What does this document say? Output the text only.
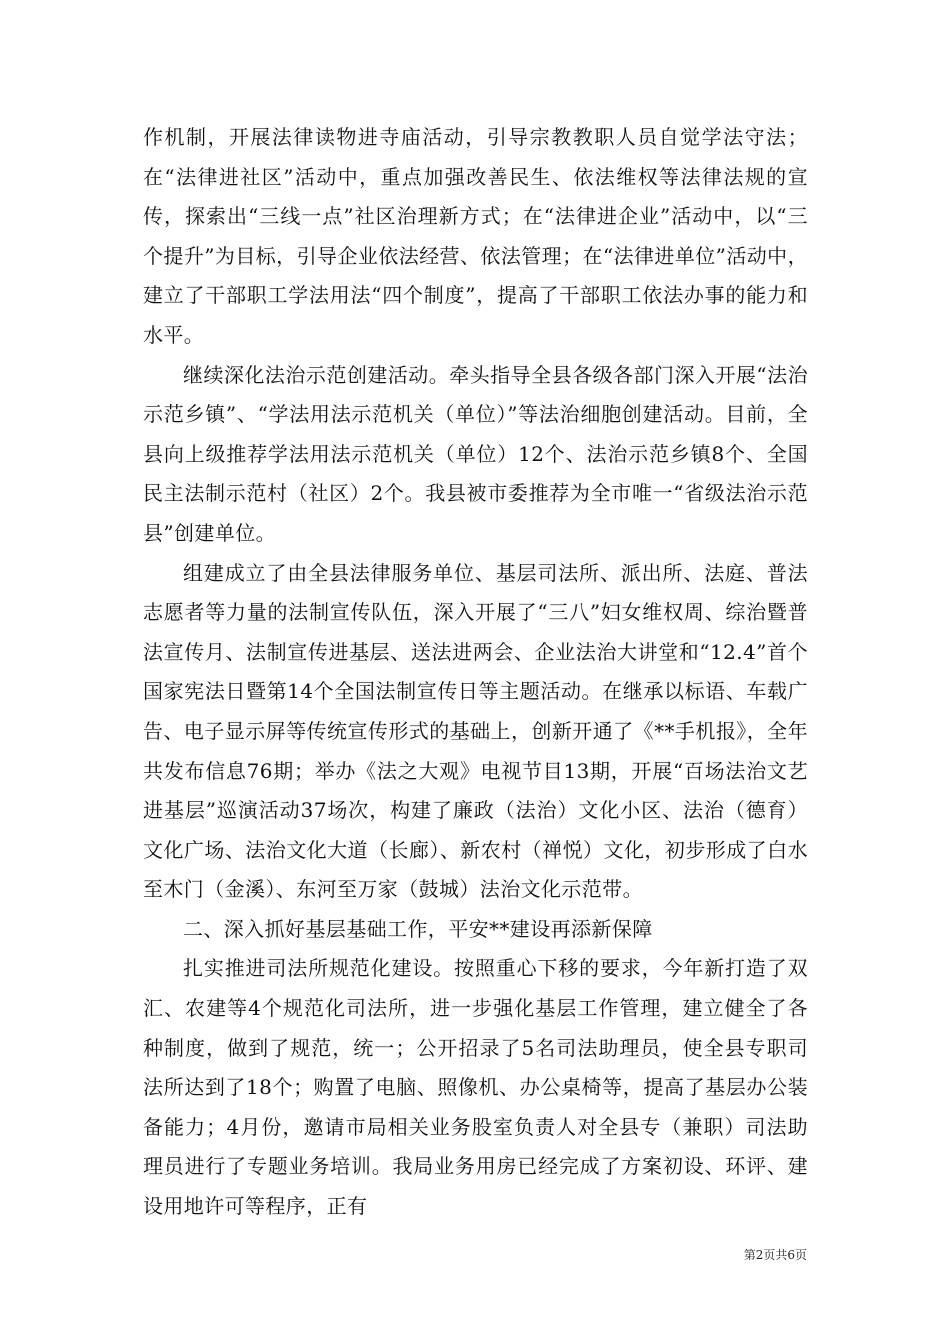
作机制，开展法律读物进寺庙活动，引导宗教教职人员自觉学法守法；在“法律进社区”活动中，重点加强改善民生、依法维权等法律法规的宣传，探索出“三线一点”社区治理新方式；在“法律进企业”活动中，以“三个提升”为目标，引导企业依法经营、依法管理；在“法律进单位”活动中，建立了干部职工学法用法“四个制度”，提高了干部职工依法办事的能力和水平。

继续深化法治示范创建活动。牵头指导全县各级各部门深入开展“法治示范乡镇”、“学法用法示范机关（单位）”等法治细胞创建活动。目前，全县向上级推荐学法用法示范机关（单位）12个、法治示范乡镇8个、全国民主法制示范村（社区）2个。我县被市委推荐为全市唯一“省级法治示范县”创建单位。

组建成立了由全县法律服务单位、基层司法所、派出所、法庭、普法志愿者等力量的法制宣传队伍，深入开展了“三八”妇女维权周、综治暨普法宣传月、法制宣传进基层、送法进两会、企业法治大讲堂和“12.4”首个国家宪法日暨第14个全国法制宣传日等主题活动。在继承以标语、车载广告、电子显示屏等传统宣传形式的基础上，创新开通了《**手机报》，全年共发布信息76期；举办《法之大观》电视节目13期，开展“百场法治文艺进基层”巡演活动37场次，构建了廉政（法治）文化小区、法治（德育）文化广场、法治文化大道（长廊）、新农村（禅悦）文化，初步形成了白水至木门（金溪）、东河至万家（鼓城）法治文化示范带。

二、深入抓好基层基础工作，平安**建设再添新保障

扎实推进司法所规范化建设。按照重心下移的要求，今年新打造了双汇、农建等4个规范化司法所，进一步强化基层工作管理，建立健全了各种制度，做到了规范，统一；公开招录了5名司法助理员，使全县专职司法所达到了18个；购置了电脑、照像机、办公桌椅等，提高了基层办公装备能力；4月份，邀请市局相关业务股室负责人对全县专（兼职）司法助理员进行了专题业务培训。我局业务用房已经完成了方案初设、环评、建设用地许可等程序，正有

第2页共6页
